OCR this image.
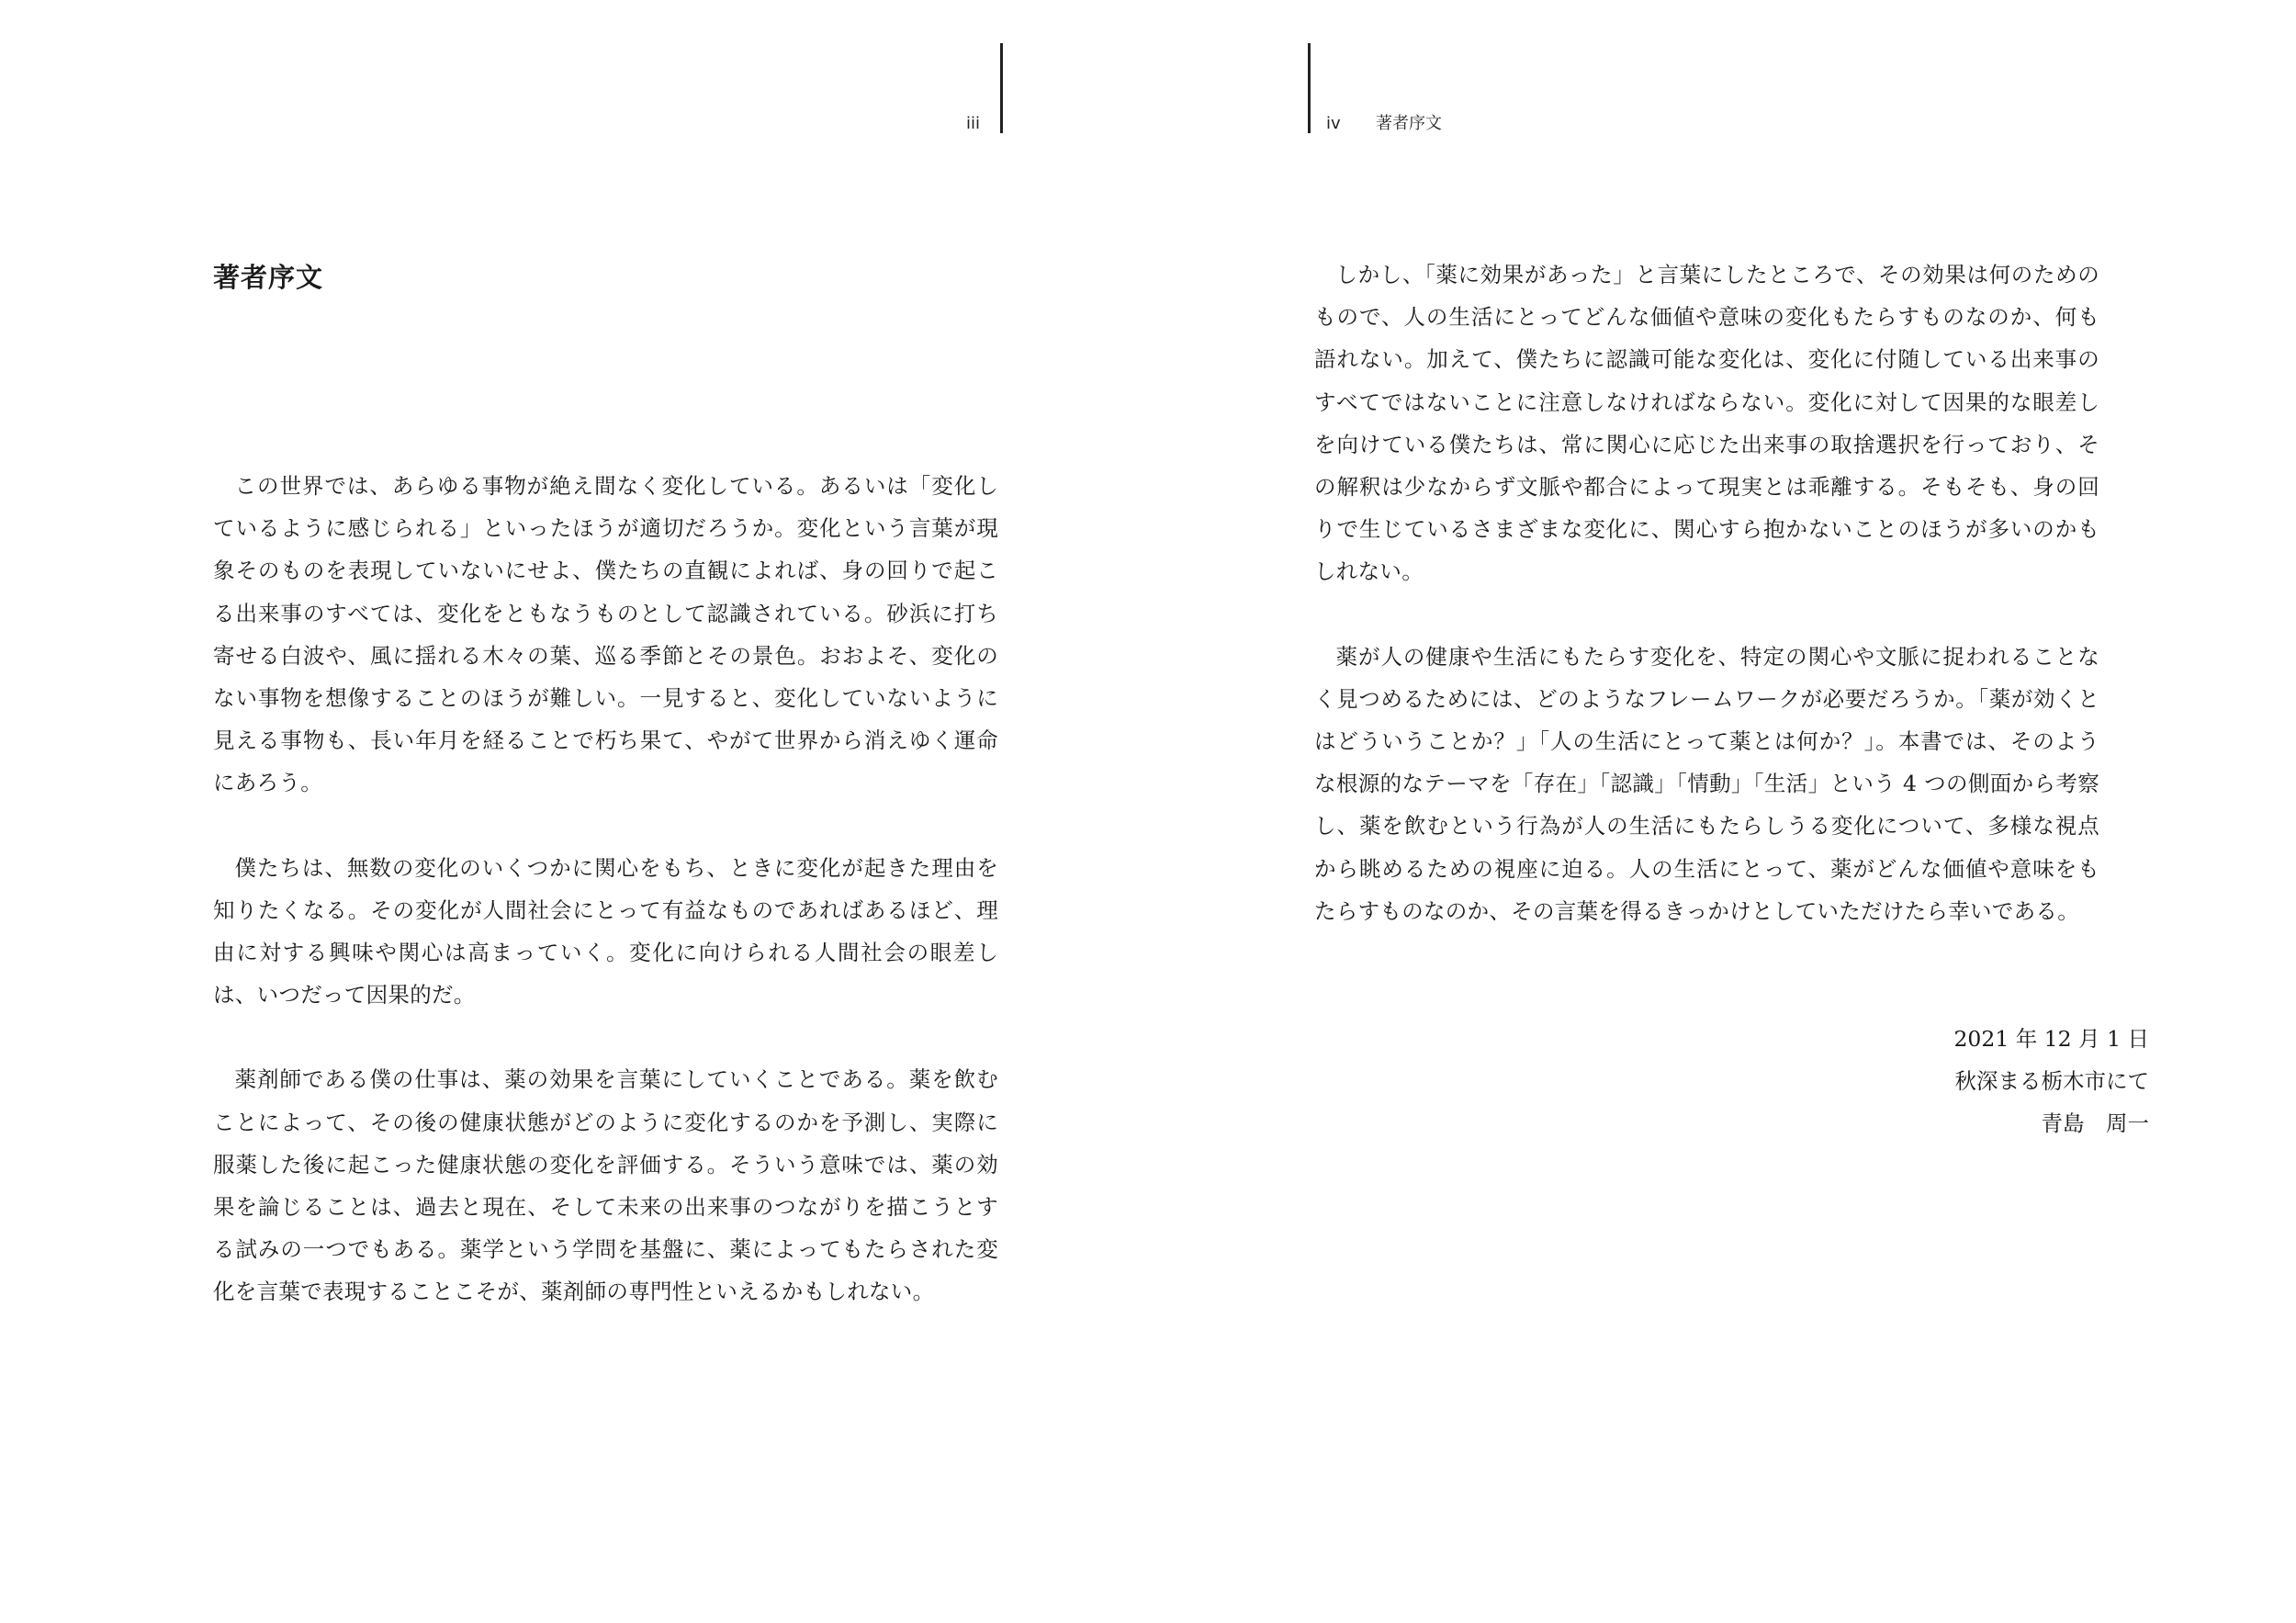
iii
著者序文

この世界では、あらゆる事物が絶え間なく変化している。あるいは「変化しているように感じられる」といったほうが適切だろうか。変化という言葉が現象そのものを表現していないにせよ、僕たちの直観によれば、身の回りで起こる出来事のすべては、変化をともなうものとして認識されている。砂浜に打ち寄せる白波や、風に揺れる木々の葉、巡る季節とその景色。おおよそ、変化のない事物を想像することのほうが難しい。一見すると、変化していないように見える事物も、長い年月を経ることで朽ち果て、やがて世界から消えゆく運命にあろう。

僕たちは、無数の変化のいくつかに関心をもち、ときに変化が起きた理由を知りたくなる。その変化が人間社会にとって有益なものであればあるほど、理由に対する興味や関心は高まっていく。変化に向けられる人間社会の眼差しは、いつだって因果的だ。

薬剤師である僕の仕事は、薬の効果を言葉にしていくことである。薬を飲むことによって、その後の健康状態がどのように変化するのかを予測し、実際に服薬した後に起こった健康状態の変化を評価する。そういう意味では、薬の効果を論じることは、過去と現在、そして未来の出来事のつながりを描こうとする試みの一つでもある。薬学という学問を基盤に、薬によってもたらされた変化を言葉で表現することこそが、薬剤師の専門性といえるかもしれない。

iv 著者序文

しかし、「薬に効果があった」と言葉にしたところで、その効果は何のためのもので、人の生活にとってどんな価値や意味の変化もたらすものなのか、何も語れない。加えて、僕たちに認識可能な変化は、変化に付随している出来事のすべてではないことに注意しなければならない。変化に対して因果的な眼差しを向けている僕たちは、常に関心に応じた出来事の取捨選択を行っており、その解釈は少なからず文脈や都合によって現実とは乖離する。そもそも、身の回りで生じているさまざまな変化に、関心すら抱かないことのほうが多いのかもしれない。

薬が人の健康や生活にもたらす変化を、特定の関心や文脈に捉われることなく見つめるためには、どのようなフレームワークが必要だろうか。「薬が効くとはどういうことか？」「人の生活にとって薬とは何か？」。本書では、そのような根源的なテーマを「存在」「認識」「情動」「生活」という 4 つの側面から考察し、薬を飲むという行為が人の生活にもたらしうる変化について、多様な視点から眺めるための視座に迫る。人の生活にとって、薬がどんな価値や意味をもたらすものなのか、その言葉を得るきっかけとしていただけたら幸いである。

2021 年 12 月 1 日
秋深まる栃木市にて
青島　周一
